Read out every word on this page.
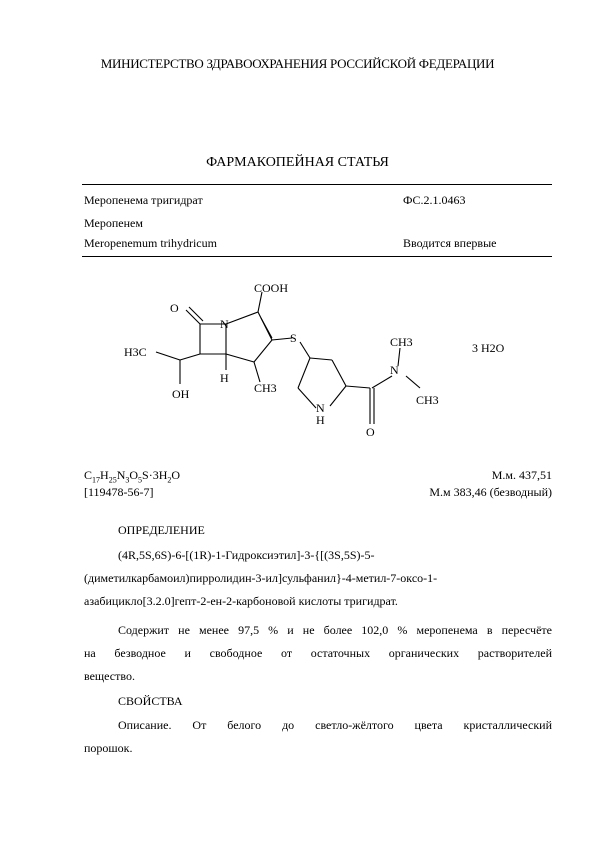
МИНИСТЕРСТВО ЗДРАВООХРАНЕНИЯ РОССИЙСКОЙ ФЕДЕРАЦИИ
ФАРМАКОПЕЙНАЯ СТАТЬЯ
Меропенема тригидрат	ФС.2.1.0463
Меропенем
Meropenemum trihydricum	Вводится впервые
O
N
COOH
S
H3C
OH
H
CH3
N
H
O
N
CH3
CH3
3 H2O
$C_{17}H_{25}N_3O_5S\cdot 3H_2O$	М.м. 437,51
[119478-56-7]	М.м 383,46 (безводный)
ОПРЕДЕЛЕНИЕ
(4R,5S,6S)-6-[(1R)-1-Гидроксиэтил]-3-{[(3S,5S)-5-
(диметилкарбамоил)пирролидин-3-ил]сульфанил}-4-метил-7-оксо-1-
азабицикло[3.2.0]гепт-2-ен-2-карбоновой кислоты тригидрат.
Содержит не менее 97,5 % и не более 102,0 % меропенема в пересчёте
на безводное и свободное от остаточных органических растворителей
вещество.
СВОЙСТВА
Описание. От белого до светло-жёлтого цвета кристаллический
порошок.
